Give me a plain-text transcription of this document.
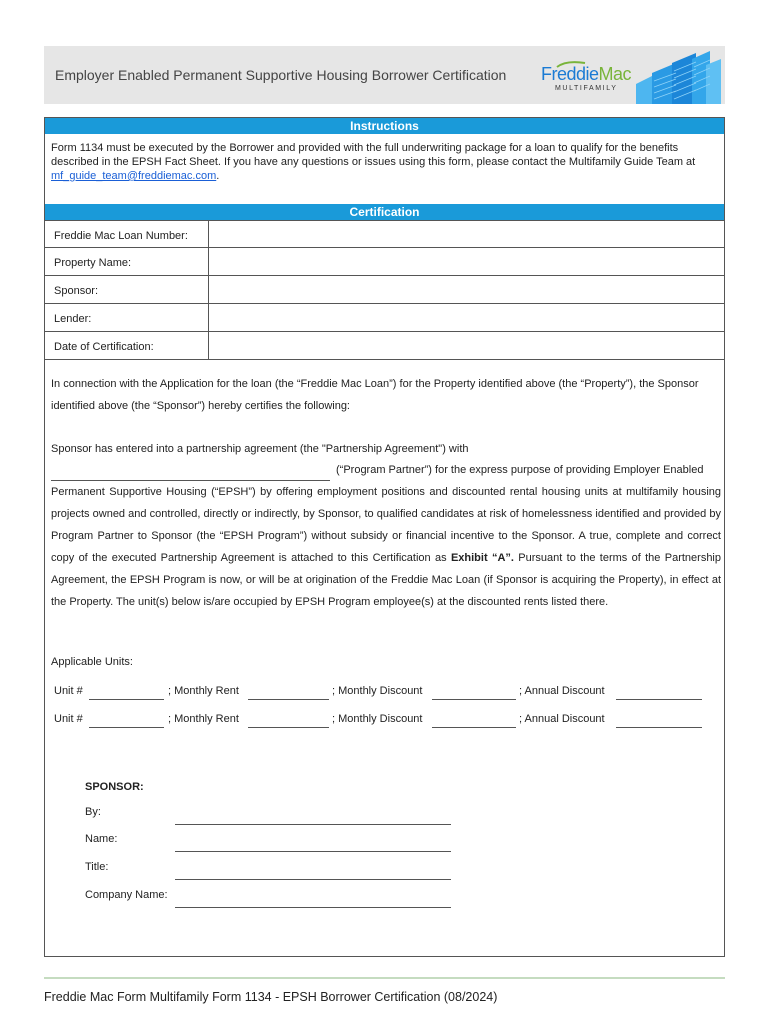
Employer Enabled Permanent Supportive Housing Borrower Certification FreddieMac
MULTIFAMILY
Instructions
Form 1134 must be executed by the Borrower and provided with the full underwriting package for a loan to qualify for the benefits described in the EPSH Fact Sheet. If you have any questions or issues using this form, please contact the Multifamily Guide Team at mf_guide_team@freddiemac.com.
Certification
Freddie Mac Loan Number:
Property Name:
Sponsor:
Lender:
Date of Certification:
In connection with the Application for the loan (the “Freddie Mac Loan”) for the Property identified above (the “Property”), the Sponsor identified above (the “Sponsor”) hereby certifies the following:
Sponsor has entered into a partnership agreement (the "Partnership Agreement") with
(“Program Partner”) for the express purpose of providing Employer Enabled
Permanent Supportive Housing (“EPSH”) by offering employment positions and discounted rental housing units at multifamily housing projects owned and controlled, directly or indirectly, by Sponsor, to qualified candidates at risk of homelessness identified and provided by Program Partner to Sponsor (the “EPSH Program”) without subsidy or financial incentive to the Sponsor. A true, complete and correct copy of the executed Partnership Agreement is attached to this Certification as Exhibit “A”. Pursuant to the terms of the Partnership Agreement, the EPSH Program is now, or will be at origination of the Freddie Mac Loan (if Sponsor is acquiring the Property), in effect at the Property. The unit(s) below is/are occupied by EPSH Program employee(s) at the discounted rents listed there.
Applicable Units:
Unit #	; Monthly Rent	; Monthly Discount	; Annual Discount
Unit #	; Monthly Rent	; Monthly Discount	; Annual Discount
SPONSOR:
By:
Name:
Title:
Company Name:
Freddie Mac Form Multifamily Form 1134 - EPSH Borrower Certification (08/2024)
